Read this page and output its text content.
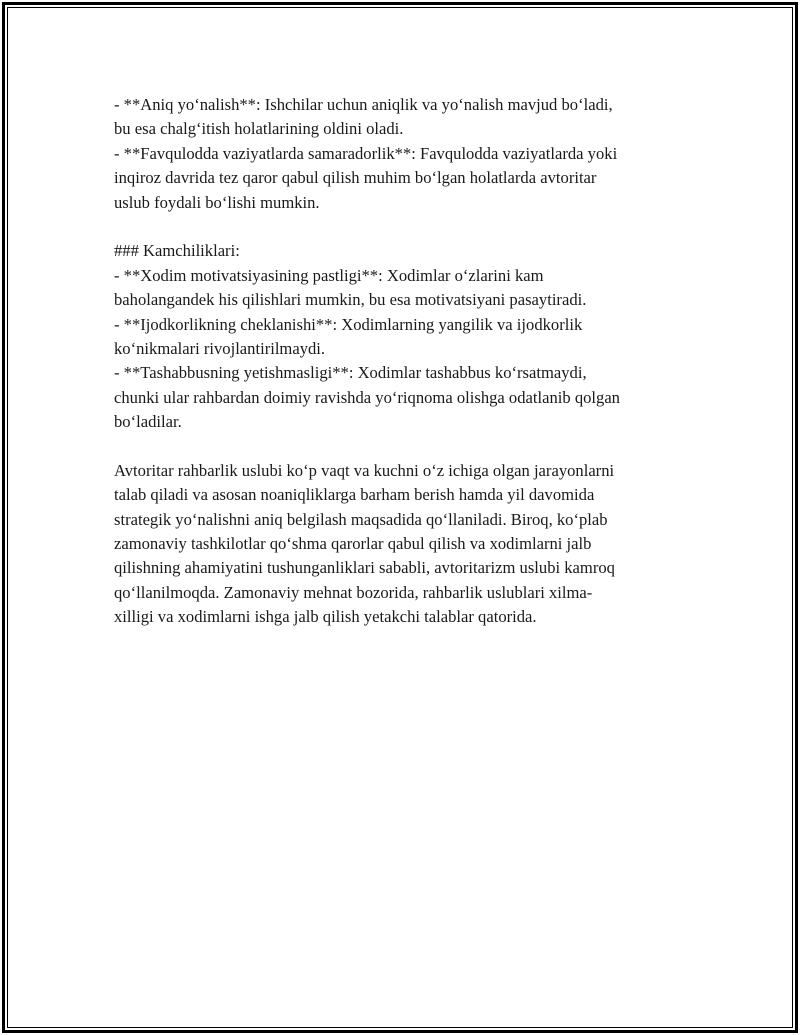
- **Aniq yo‘nalish**: Ishchilar uchun aniqlik va yo‘nalish mavjud bo‘ladi,
bu esa chalg‘itish holatlarining oldini oladi.
- **Favqulodda vaziyatlarda samaradorlik**: Favqulodda vaziyatlarda yoki
inqiroz davrida tez qaror qabul qilish muhim bo‘lgan holatlarda avtoritar
uslub foydali bo‘lishi mumkin.
### Kamchiliklari:
- **Xodim motivatsiyasining pastligi**: Xodimlar o‘zlarini kam
baholangandek his qilishlari mumkin, bu esa motivatsiyani pasaytiradi.
- **Ijodkorlikning cheklanishi**: Xodimlarning yangilik va ijodkorlik
ko‘nikmalari rivojlantirilmaydi.
- **Tashabbusning yetishmasligi**: Xodimlar tashabbus ko‘rsatmaydi,
chunki ular rahbardan doimiy ravishda yo‘riqnoma olishga odatlanib qolgan
bo‘ladilar.
Avtoritar rahbarlik uslubi ko‘p vaqt va kuchni o‘z ichiga olgan jarayonlarni
talab qiladi va asosan noaniqliklarga barham berish hamda yil davomida
strategik yo‘nalishni aniq belgilash maqsadida qo‘llaniladi. Biroq, ko‘plab
zamonaviy tashkilotlar qo‘shma qarorlar qabul qilish va xodimlarni jalb
qilishning ahamiyatini tushunganliklari sababli, avtoritarizm uslubi kamroq
qo‘llanilmoqda. Zamonaviy mehnat bozorida, rahbarlik uslublari xilma-
xilligi va xodimlarni ishga jalb qilish yetakchi talablar qatorida.
